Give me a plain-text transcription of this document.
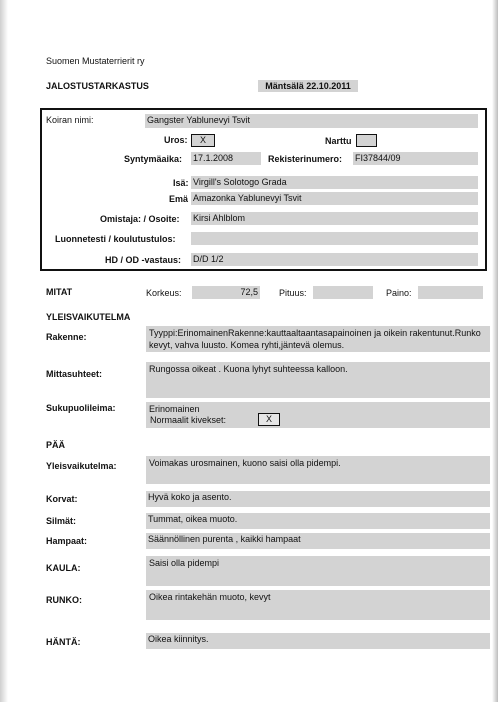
Suomen Mustaterrierit ry
JALOSTUSTARKASTUS	Mäntsälä 22.10.2011
Koiran nimi:	Gangster Yablunevyi Tsvit
Uros:	X	Narttu
Syntymäaika: 17.1.2008	Rekisterinumero: FI37844/09
Isä: Virgill's Solotogo Grada
Emä Amazonka Yablunevyi Tsvit
Omistaja: / Osoite: Kirsi Ahlblom
Luonnetesti / koulutustulos:
HD / OD -vastaus: D/D 1/2
MITAT	Korkeus:	72,5 Pituus:	Paino:
YLEISVAIKUTELMA
Rakenne:	Tyyppi:ErinomainenRakenne:kauttaaltaantasapainoinen ja oikein rakentunut.Runko kevyt, vahva luusto. Komea ryhti,jäntevä olemus.
Mittasuhteet:	Rungossa oikeat . Kuona lyhyt suhteessa kalloon.
Sukupuolileima:	Erinomainen
Normaalit kivekset:	X
PÄÄ
Yleisvaikutelma:	Voimakas urosmainen, kuono saisi olla pidempi.
Korvat:	Hyvä koko ja asento.
Silmät:	Tummat, oikea muoto.
Hampaat:	Säännöllinen purenta , kaikki hampaat
KAULA:	Saisi olla pidempi
RUNKO:	Oikea rintakehän muoto, kevyt
HÄNTÄ:	Oikea kiinnitys.
